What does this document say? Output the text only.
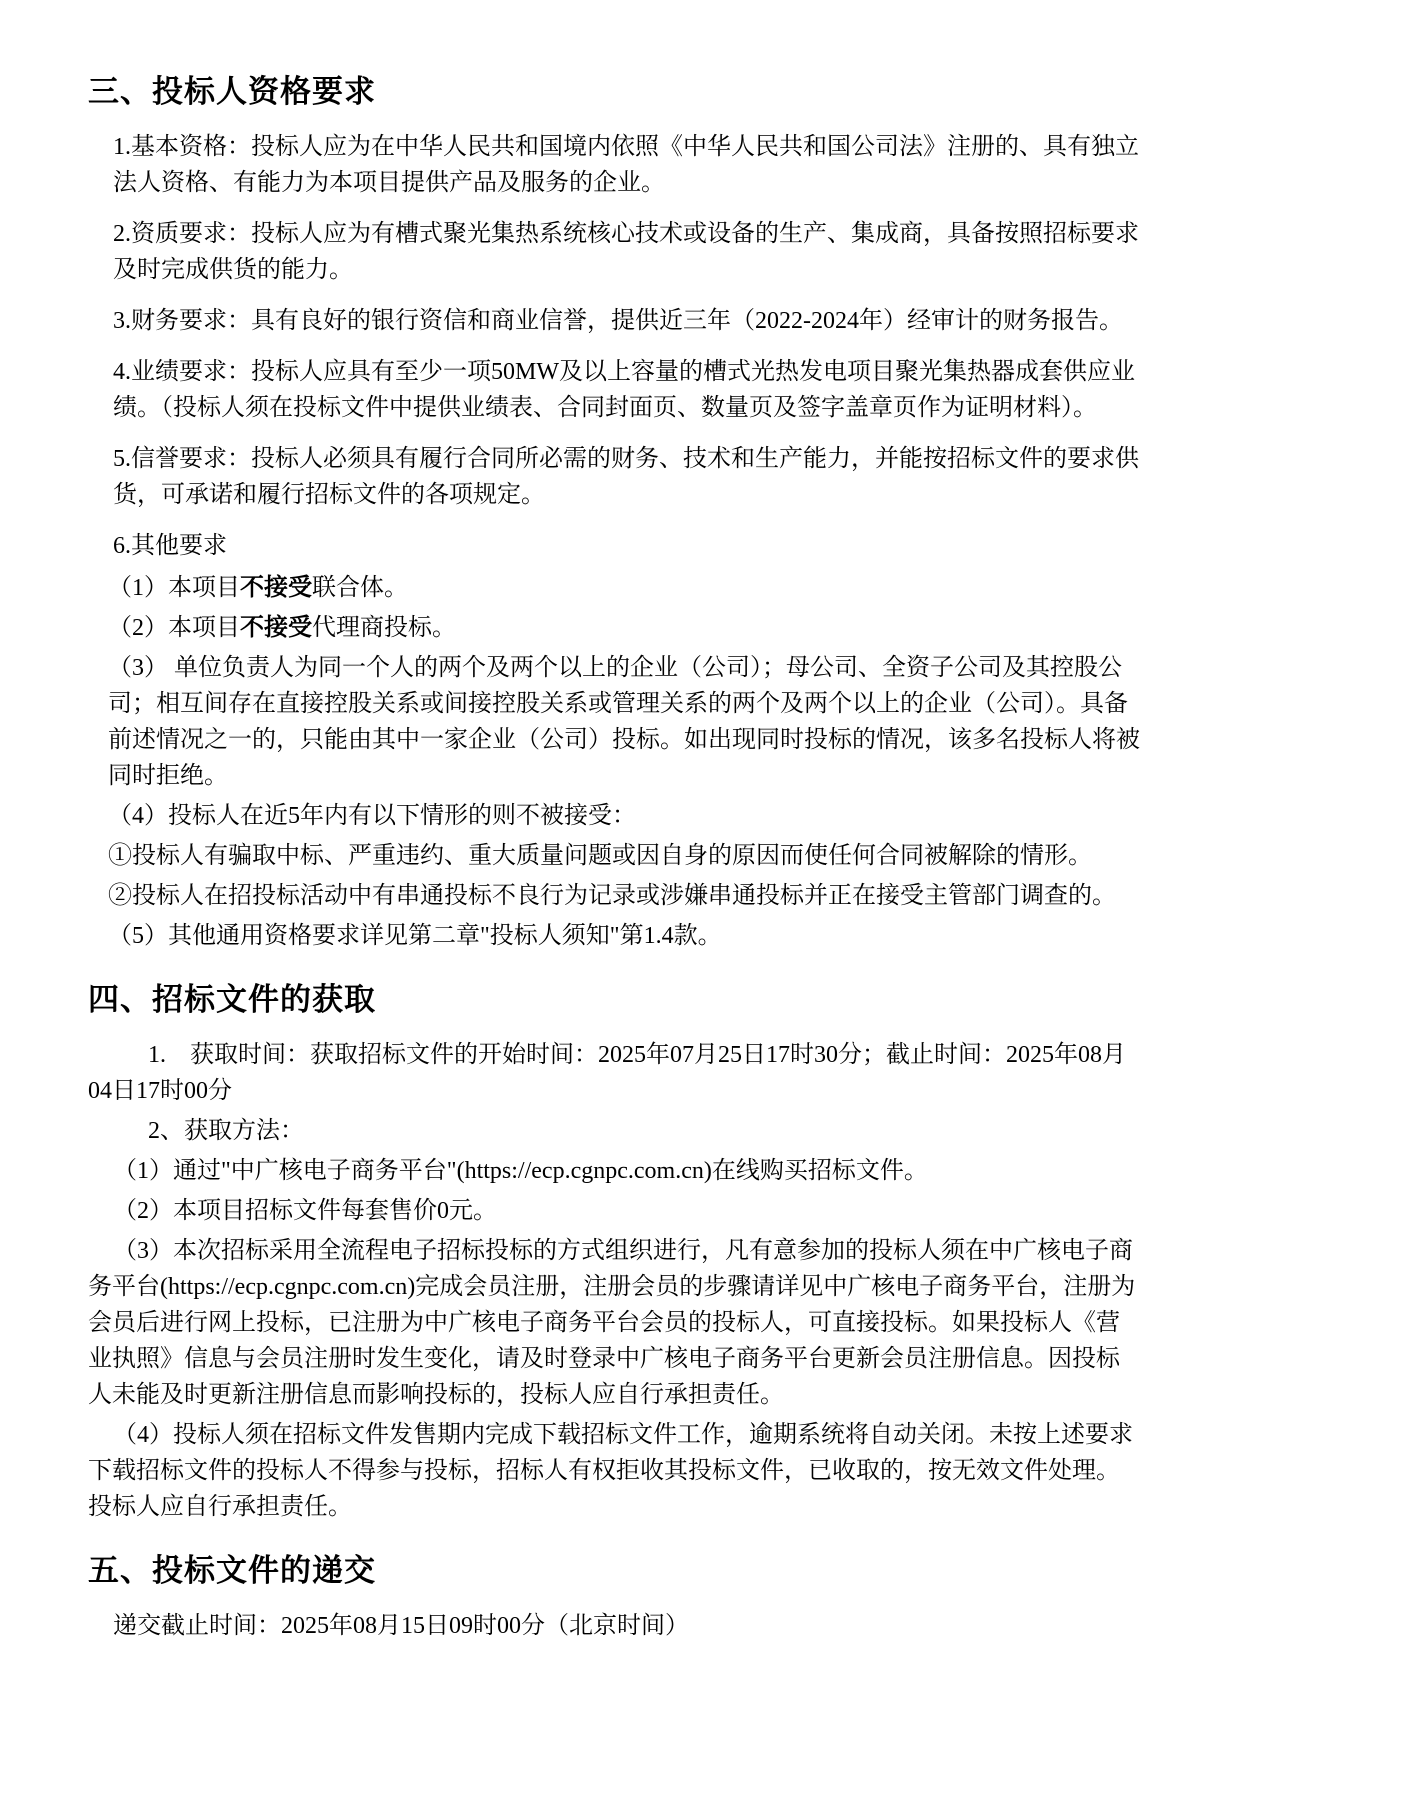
三、投标人资格要求

1.基本资格：投标人应为在中华人民共和国境内依照《中华人民共和国公司法》注册的、具有独立法人资格、有能力为本项目提供产品及服务的企业。

2.资质要求：投标人应为有槽式聚光集热系统核心技术或设备的生产、集成商，具备按照招标要求及时完成供货的能力。

3.财务要求：具有良好的银行资信和商业信誉，提供近三年（2022-2024年）经审计的财务报告。

4.业绩要求：投标人应具有至少一项50MW及以上容量的槽式光热发电项目聚光集热器成套供应业绩。（投标人须在投标文件中提供业绩表、合同封面页、数量页及签字盖章页作为证明材料）。

5.信誉要求：投标人必须具有履行合同所必需的财务、技术和生产能力，并能按招标文件的要求供货，可承诺和履行招标文件的各项规定。

6.其他要求

（1）本项目不接受联合体。

（2）本项目不接受代理商投标。

（3） 单位负责人为同一个人的两个及两个以上的企业（公司）；母公司、全资子公司及其控股公司；相互间存在直接控股关系或间接控股关系或管理关系的两个及两个以上的企业（公司）。具备前述情况之一的，只能由其中一家企业（公司）投标。如出现同时投标的情况，该多名投标人将被同时拒绝。

（4）投标人在近5年内有以下情形的则不被接受：

①投标人有骗取中标、严重违约、重大质量问题或因自身的原因而使任何合同被解除的情形。

②投标人在招投标活动中有串通投标不良行为记录或涉嫌串通投标并正在接受主管部门调查的。

（5）其他通用资格要求详见第二章"投标人须知"第1.4款。

四、招标文件的获取

1.　获取时间：获取招标文件的开始时间：2025年07月25日17时30分；截止时间：2025年08月04日17时00分

2、获取方法：

（1）通过"中广核电子商务平台"(https://ecp.cgnpc.com.cn)在线购买招标文件。

（2）本项目招标文件每套售价0元。

（3）本次招标采用全流程电子招标投标的方式组织进行，凡有意参加的投标人须在中广核电子商务平台(https://ecp.cgnpc.com.cn)完成会员注册，注册会员的步骤请详见中广核电子商务平台，注册为会员后进行网上投标，已注册为中广核电子商务平台会员的投标人，可直接投标。如果投标人《营业执照》信息与会员注册时发生变化，请及时登录中广核电子商务平台更新会员注册信息。因投标人未能及时更新注册信息而影响投标的，投标人应自行承担责任。

（4）投标人须在招标文件发售期内完成下载招标文件工作，逾期系统将自动关闭。未按上述要求下载招标文件的投标人不得参与投标，招标人有权拒收其投标文件，已收取的，按无效文件处理。投标人应自行承担责任。

五、投标文件的递交

递交截止时间：2025年08月15日09时00分（北京时间）
